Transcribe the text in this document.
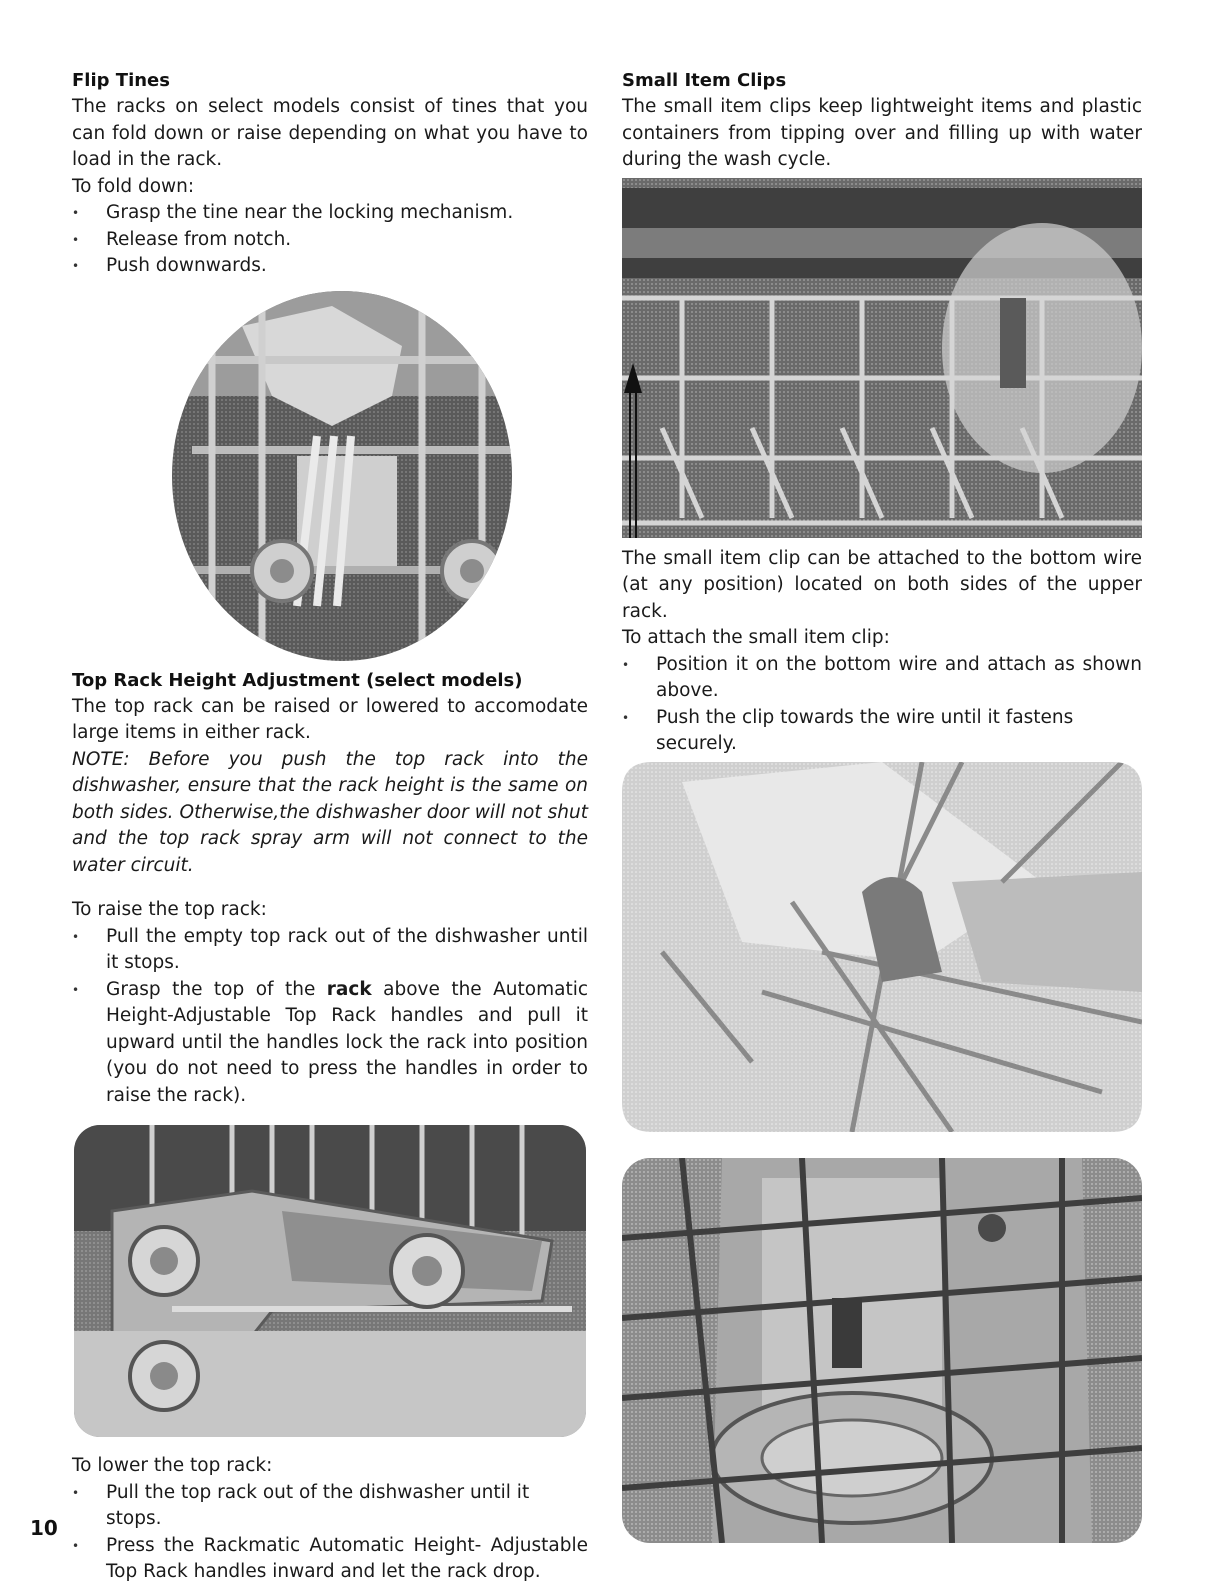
Flip Tines

The racks on select models consist of tines that you can fold down or raise depending on what you have to load in the rack.

To fold down:

• Grasp the tine near the locking mechanism.
• Release from notch.
• Push downwards.
Top Rack Height Adjustment (select models)

The top rack can be raised or lowered to accomodate large items in either rack.

NOTE: Before you push the top rack into the dishwasher, ensure that the rack height is the same on both sides. Otherwise,the dishwasher door will not shut and the top rack spray arm will not connect to the water circuit.

To raise the top rack:

• Pull the empty top rack out of the dishwasher until it stops.
• Grasp the top of the rack above the Automatic Height-Adjustable Top Rack handles and pull it upward until the handles lock the rack into position (you do not need to press the handles in order to raise the rack).

To lower the top rack:

• Pull the top rack out of the dishwasher until it stops.
• Press the Rackmatic Automatic Height- Adjustable Top Rack handles inward and let the rack drop.
Small Item Clips

The small item clips keep lightweight items and plastic containers from tipping over and filling up with water during the wash cycle.

The small item clip can be attached to the bottom wire (at any position) located on both sides of the upper rack.

To attach the small item clip:

• Position it on the bottom wire and attach as shown above.
• Push the clip towards the wire until it fastens securely.
10
